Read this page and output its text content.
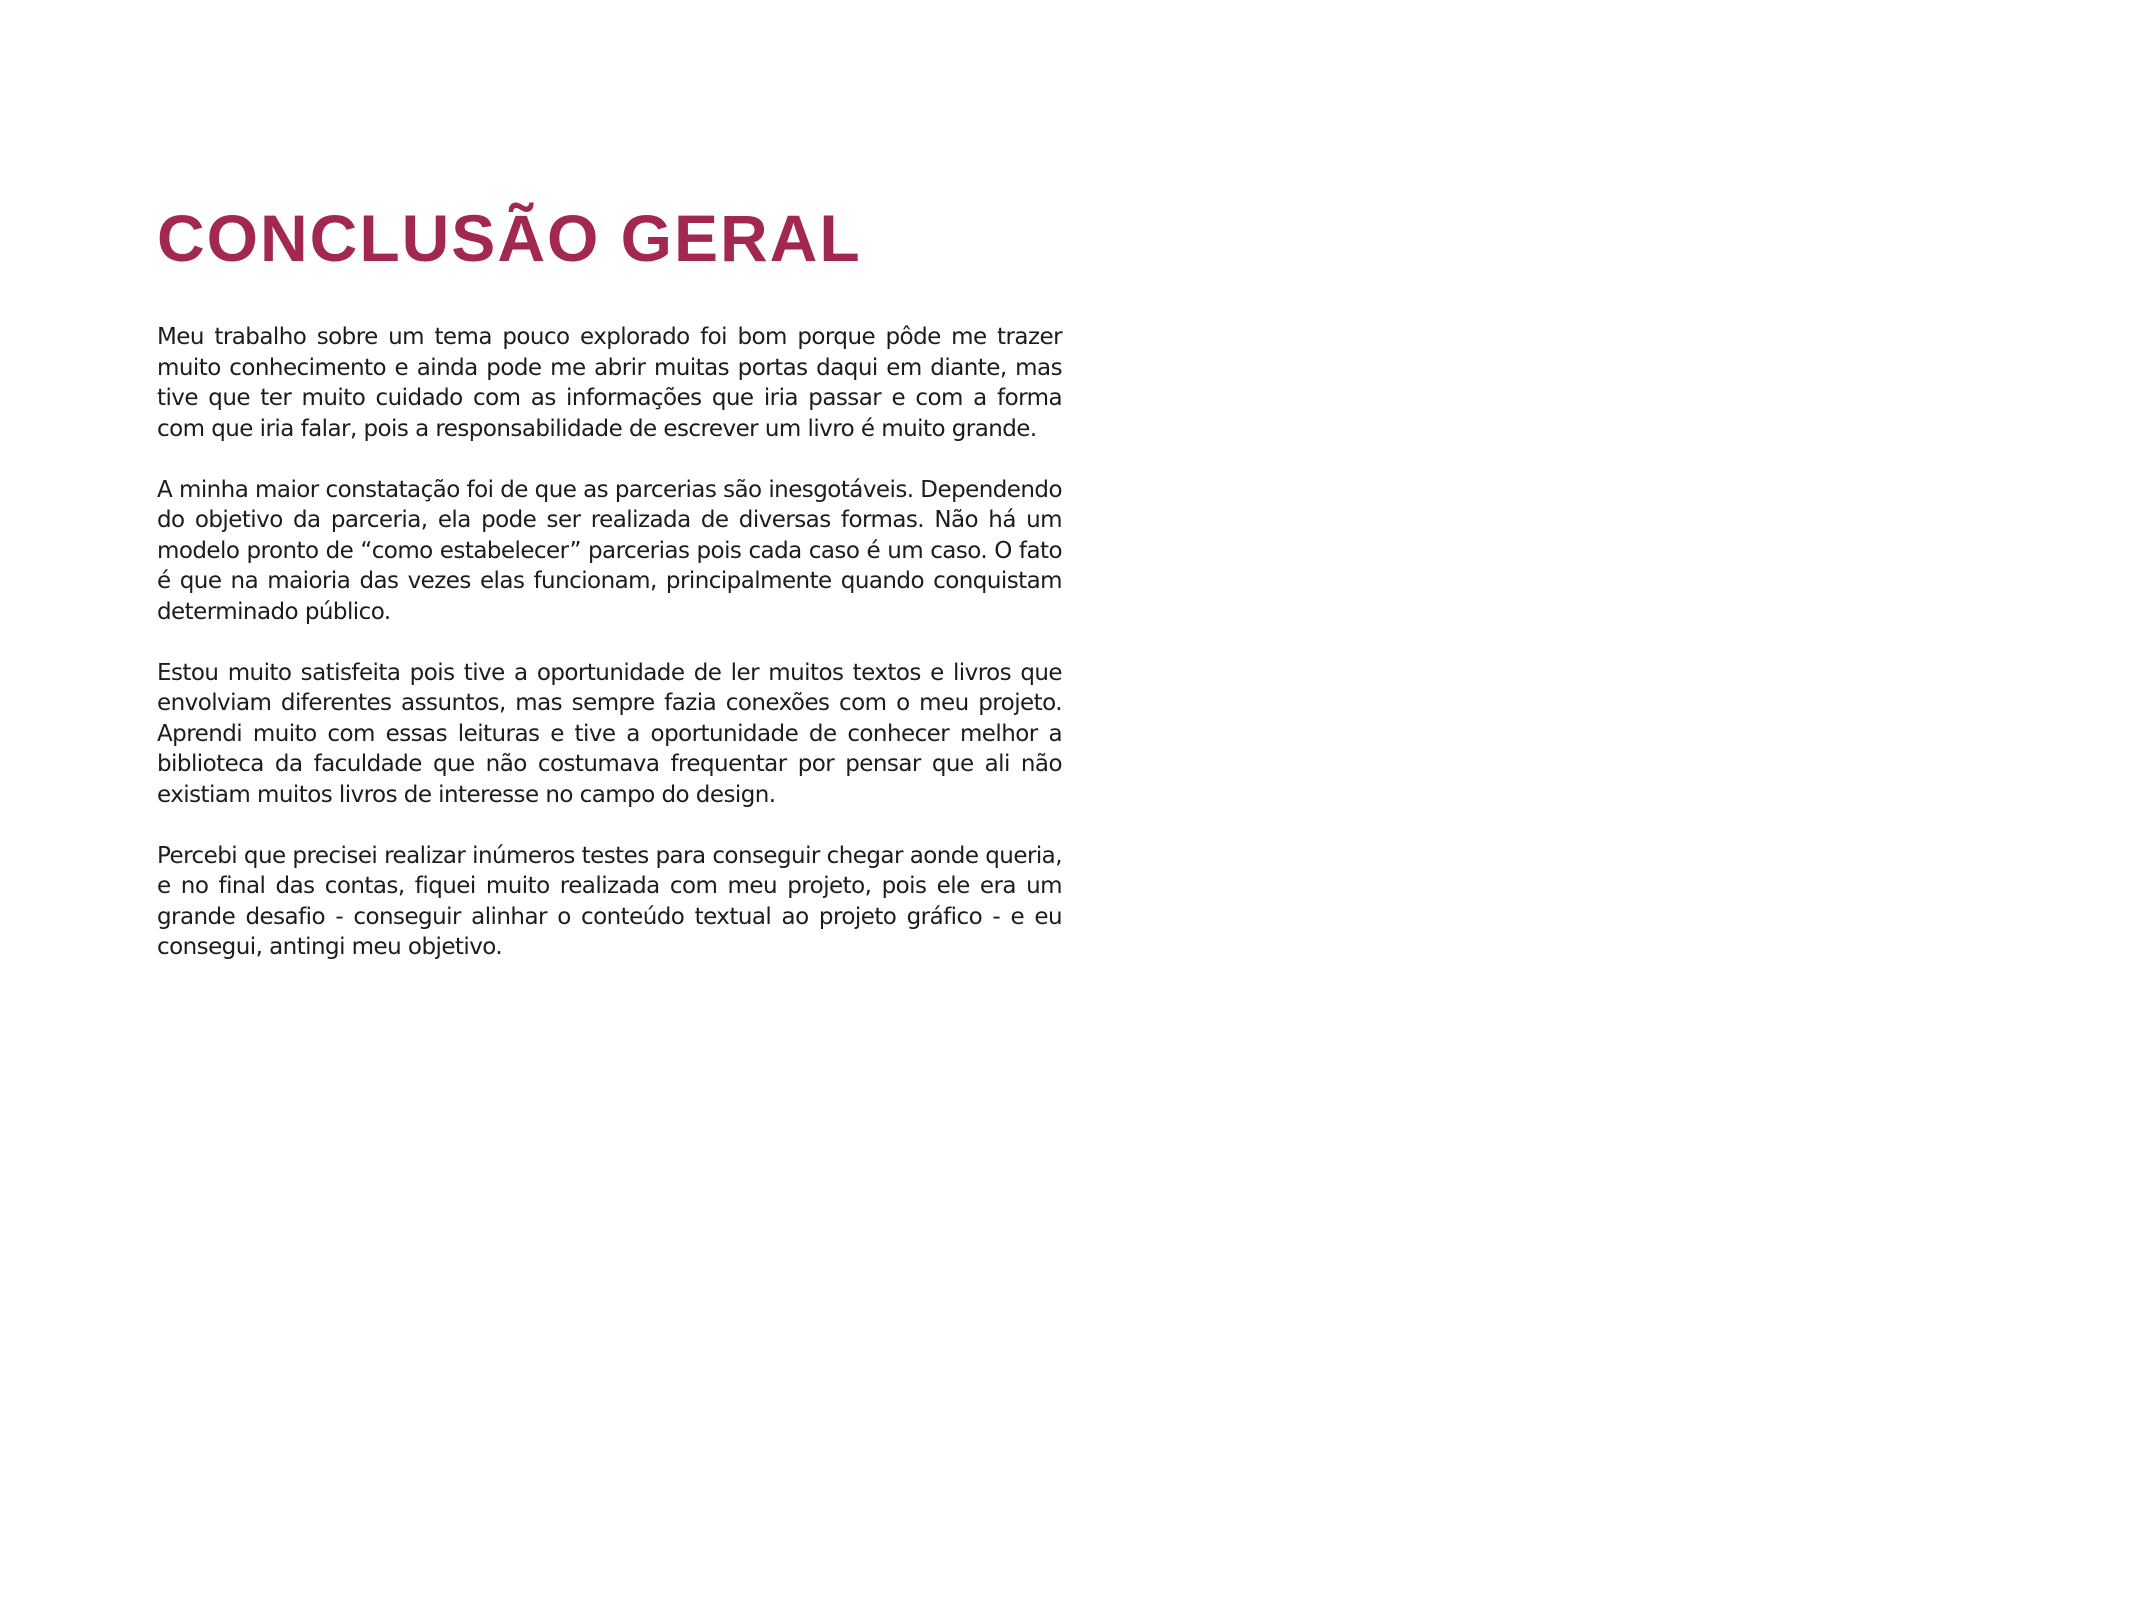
CONCLUSÃO GERAL

Meu trabalho sobre um tema pouco explorado foi bom porque pôde me trazer muito conhecimento e ainda pode me abrir muitas portas daqui em diante, mas tive que ter muito cuidado com as informações que iria passar e com a forma com que iria falar, pois a responsabilidade de escrever um livro é muito grande.

A minha maior constatação foi de que as parcerias são inesgotáveis. Dependendo do objetivo da parceria, ela pode ser realizada de diversas formas. Não há um modelo pronto de “como estabelecer” parcerias pois cada caso é um caso. O fato é que na maioria das vezes elas funcionam, principalmente quando conquistam determinado público.

Estou muito satisfeita pois tive a oportunidade de ler muitos textos e livros que envolviam diferentes assuntos, mas sempre fazia conexões com o meu projeto. Aprendi muito com essas leituras e tive a oportunidade de conhecer melhor a biblioteca da faculdade que não costumava frequentar por pensar que ali não existiam muitos livros de interesse no campo do design.

Percebi que precisei realizar inúmeros testes para conseguir chegar aonde queria, e no final das contas, fiquei muito realizada com meu projeto, pois ele era um grande desafio - conseguir alinhar o conteúdo textual ao projeto gráfico - e eu consegui, antingi meu objetivo.
